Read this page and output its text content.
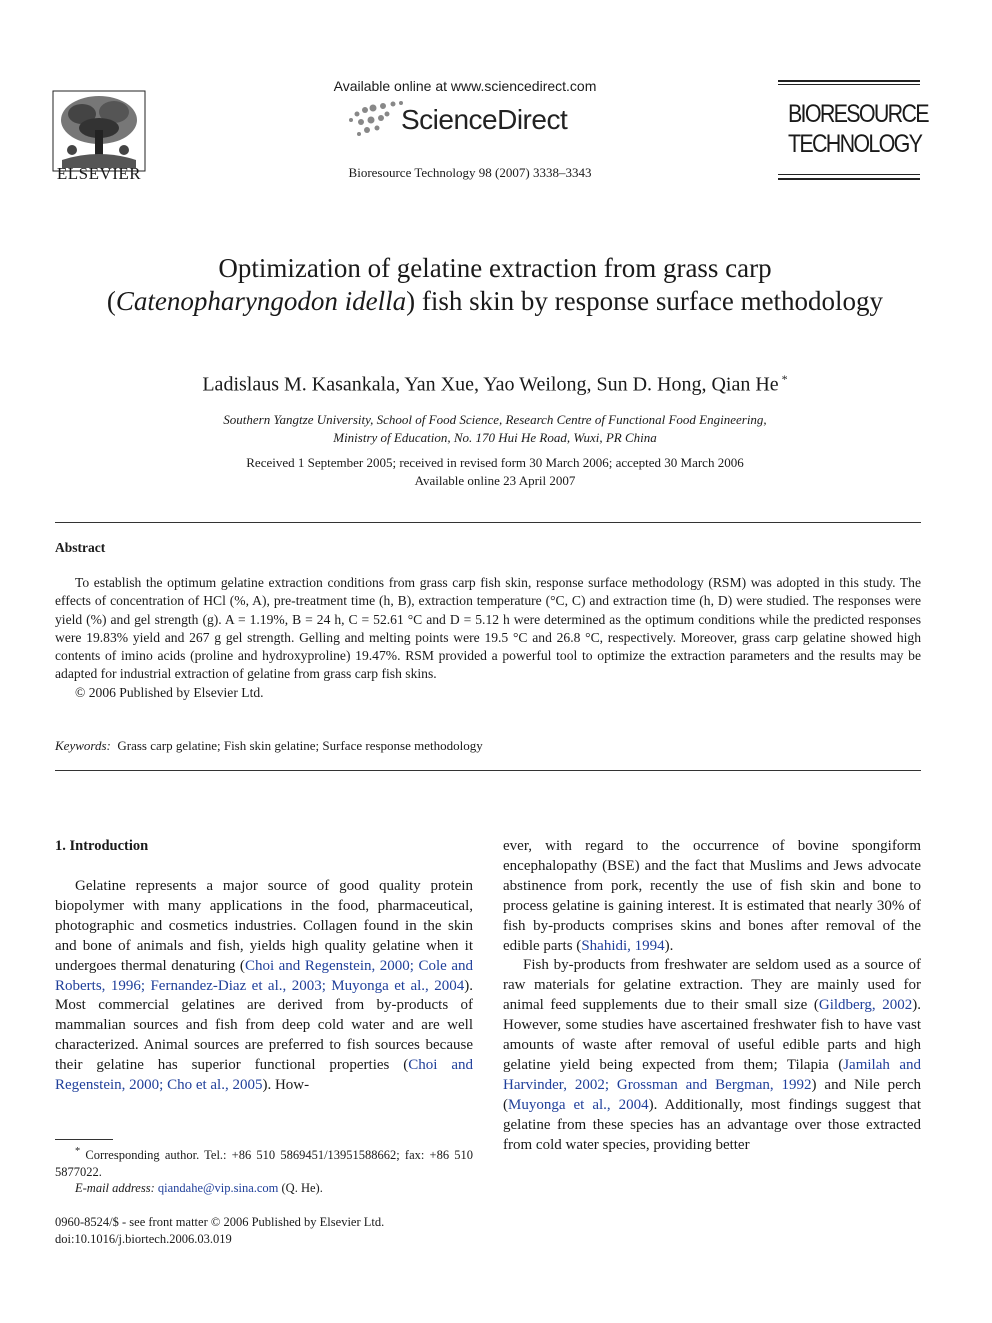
ELSEVIER
Available online at www.sciencedirect.com
ScienceDirect
Bioresource Technology 98 (2007) 3338–3343
BIORESOURCE
TECHNOLOGY
Optimization of gelatine extraction from grass carp (Catenopharyngodon idella) fish skin by response surface methodology
Ladislaus M. Kasankala, Yan Xue, Yao Weilong, Sun D. Hong, Qian He *
Southern Yangtze University, School of Food Science, Research Centre of Functional Food Engineering,
Ministry of Education, No. 170 Hui He Road, Wuxi, PR China
Received 1 September 2005; received in revised form 30 March 2006; accepted 30 March 2006
Available online 23 April 2007
Abstract

To establish the optimum gelatine extraction conditions from grass carp fish skin, response surface methodology (RSM) was adopted in this study. The effects of concentration of HCl (%, A), pre-treatment time (h, B), extraction temperature (°C, C) and extraction time (h, D) were studied. The responses were yield (%) and gel strength (g). A = 1.19%, B = 24 h, C = 52.61 °C and D = 5.12 h were determined as the optimum conditions while the predicted responses were 19.83% yield and 267 g gel strength. Gelling and melting points were 19.5 °C and 26.8 °C, respectively. Moreover, grass carp gelatine showed high contents of imino acids (proline and hydroxyproline) 19.47%. RSM provided a powerful tool to optimize the extraction parameters and the results may be adapted for industrial extraction of gelatine from grass carp fish skins.

© 2006 Published by Elsevier Ltd.

Keywords: Grass carp gelatine; Fish skin gelatine; Surface response methodology
1. Introduction

Gelatine represents a major source of good quality protein biopolymer with many applications in the food, pharmaceutical, photographic and cosmetics industries. Collagen found in the skin and bone of animals and fish, yields high quality gelatine when it undergoes thermal denaturing (Choi and Regenstein, 2000; Cole and Roberts, 1996; Fernandez-Diaz et al., 2003; Muyonga et al., 2004). Most commercial gelatines are derived from by-products of mammalian sources and fish from deep cold water and are well characterized. Animal sources are preferred to fish sources because their gelatine has superior functional properties (Choi and Regenstein, 2000; Cho et al., 2005). How-

ever, with regard to the occurrence of bovine spongiform encephalopathy (BSE) and the fact that Muslims and Jews advocate abstinence from pork, recently the use of fish skin and bone to process gelatine is gaining interest. It is estimated that nearly 30% of fish by-products comprises skins and bones after removal of the edible parts (Shahidi, 1994).

Fish by-products from freshwater are seldom used as a source of raw materials for gelatine extraction. They are mainly used for animal feed supplements due to their small size (Gildberg, 2002). However, some studies have ascertained freshwater fish to have vast amounts of waste after removal of useful edible parts and high gelatine yield being expected from them; Tilapia (Jamilah and Harvinder, 2002; Grossman and Bergman, 1992) and Nile perch (Muyonga et al., 2004). Additionally, most findings suggest that gelatine from these species has an advantage over those extracted from cold water species, providing better

* Corresponding author. Tel.: +86 510 5869451/13951588662; fax: +86 510 5877022.
E-mail address: qiandahe@vip.sina.com (Q. He).
0960-8524/$ - see front matter © 2006 Published by Elsevier Ltd.
doi:10.1016/j.biortech.2006.03.019
